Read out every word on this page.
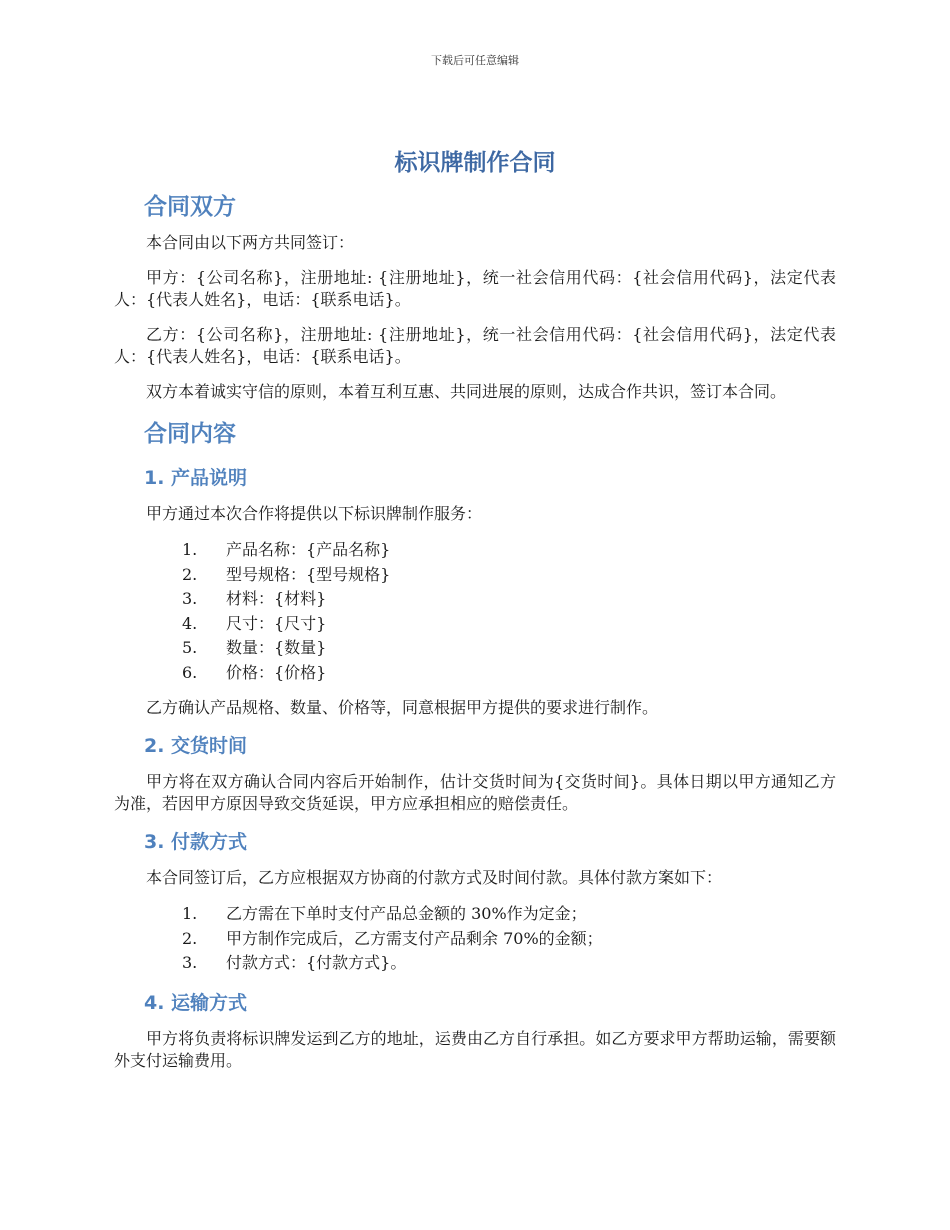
下载后可任意编辑
标识牌制作合同
合同双方

本合同由以下两方共同签订：

甲方：{公司名称}，注册地址: {注册地址}，统一社会信用代码：{社会信用代码}，法定代表人：{代表人姓名}，电话：{联系电话}。

乙方：{公司名称}，注册地址: {注册地址}，统一社会信用代码：{社会信用代码}，法定代表人：{代表人姓名}，电话：{联系电话}。

双方本着诚实守信的原则，本着互利互惠、共同进展的原则，达成合作共识，签订本合同。

合同内容
1. 产品说明

甲方通过本次合作将提供以下标识牌制作服务：

1.	产品名称：{产品名称}
2.	型号规格：{型号规格}
3.	材料：{材料}
4.	尺寸：{尺寸}
5.	数量：{数量}
6.	价格：{价格}

乙方确认产品规格、数量、价格等，同意根据甲方提供的要求进行制作。

2. 交货时间

甲方将在双方确认合同内容后开始制作，估计交货时间为{交货时间}。具体日期以甲方通知乙方为准，若因甲方原因导致交货延误，甲方应承担相应的赔偿责任。

3. 付款方式

本合同签订后，乙方应根据双方协商的付款方式及时间付款。具体付款方案如下：

1.	乙方需在下单时支付产品总金额的 30%作为定金；
2.	甲方制作完成后，乙方需支付产品剩余 70%的金额；
3.	付款方式：{付款方式}。
4. 运输方式

甲方将负责将标识牌发运到乙方的地址，运费由乙方自行承担。如乙方要求甲方帮助运输，需要额外支付运输费用。
